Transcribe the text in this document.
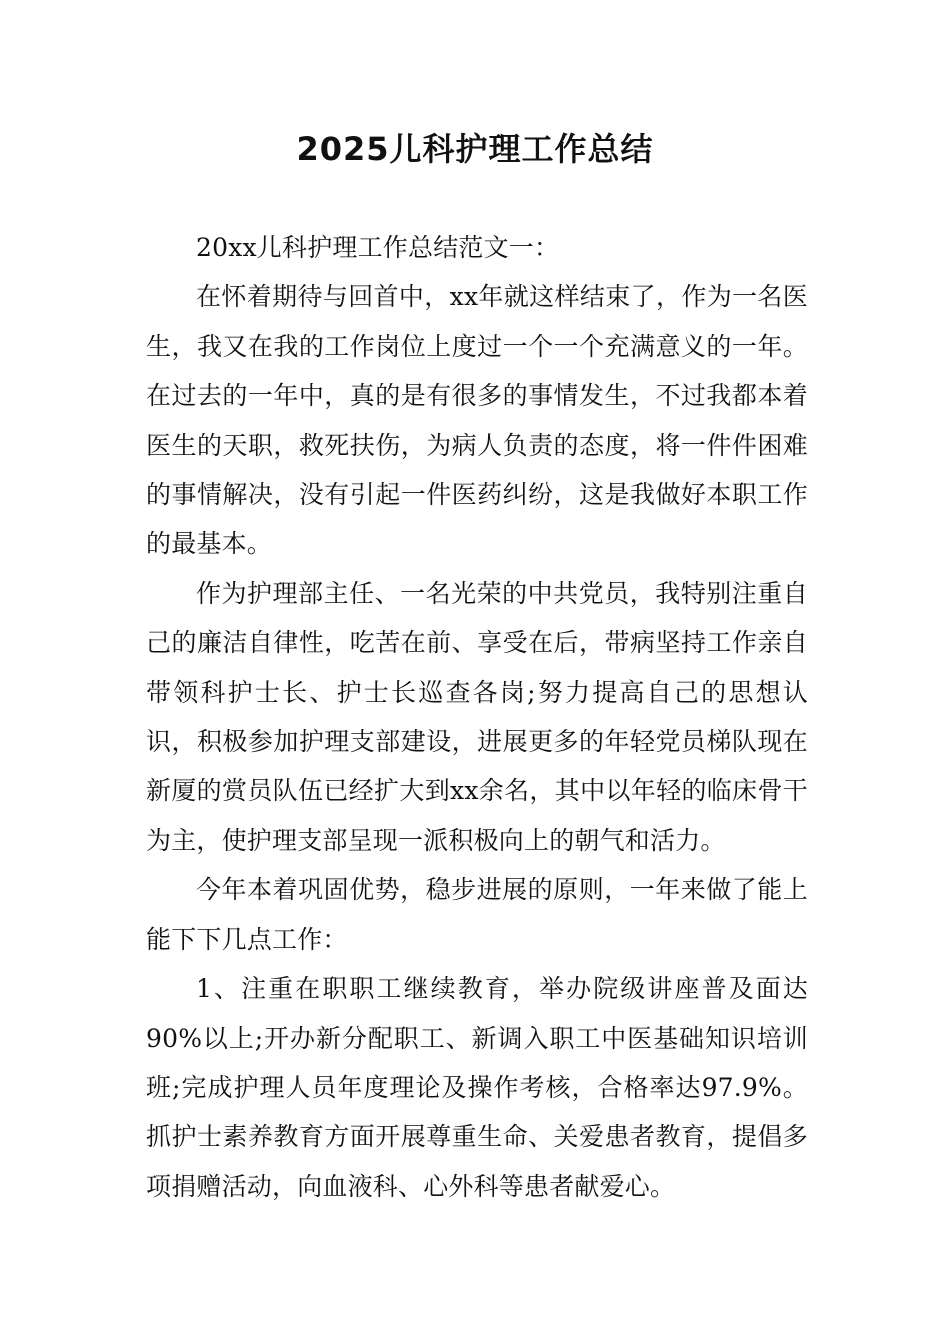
2025儿科护理工作总结

20xx儿科护理工作总结范文一：

在怀着期待与回首中，xx年就这样结束了，作为一名医生，我又在我的工作岗位上度过一个一个充满意义的一年。在过去的一年中，真的是有很多的事情发生，不过我都本着医生的天职，救死扶伤，为病人负责的态度，将一件件困难的事情解决，没有引起一件医药纠纷，这是我做好本职工作的最基本。

作为护理部主任、一名光荣的中共党员，我特别注重自己的廉洁自律性，吃苦在前、享受在后，带病坚持工作亲自带领科护士长、护士长巡查各岗;努力提高自己的思想认识，积极参加护理支部建设，进展更多的年轻党员梯队现在新厦的赏员队伍已经扩大到xx余名，其中以年轻的临床骨干为主，使护理支部呈现一派积极向上的朝气和活力。

今年本着巩固优势，稳步进展的原则，一年来做了能上能下下几点工作：

1、注重在职职工继续教育，举办院级讲座普及面达90%以上;开办新分配职工、新调入职工中医基础知识培训班;完成护理人员年度理论及操作考核，合格率达97.9%。抓护士素养教育方面开展尊重生命、关爱患者教育，提倡多项捐赠活动，向血液科、心外科等患者献爱心。
